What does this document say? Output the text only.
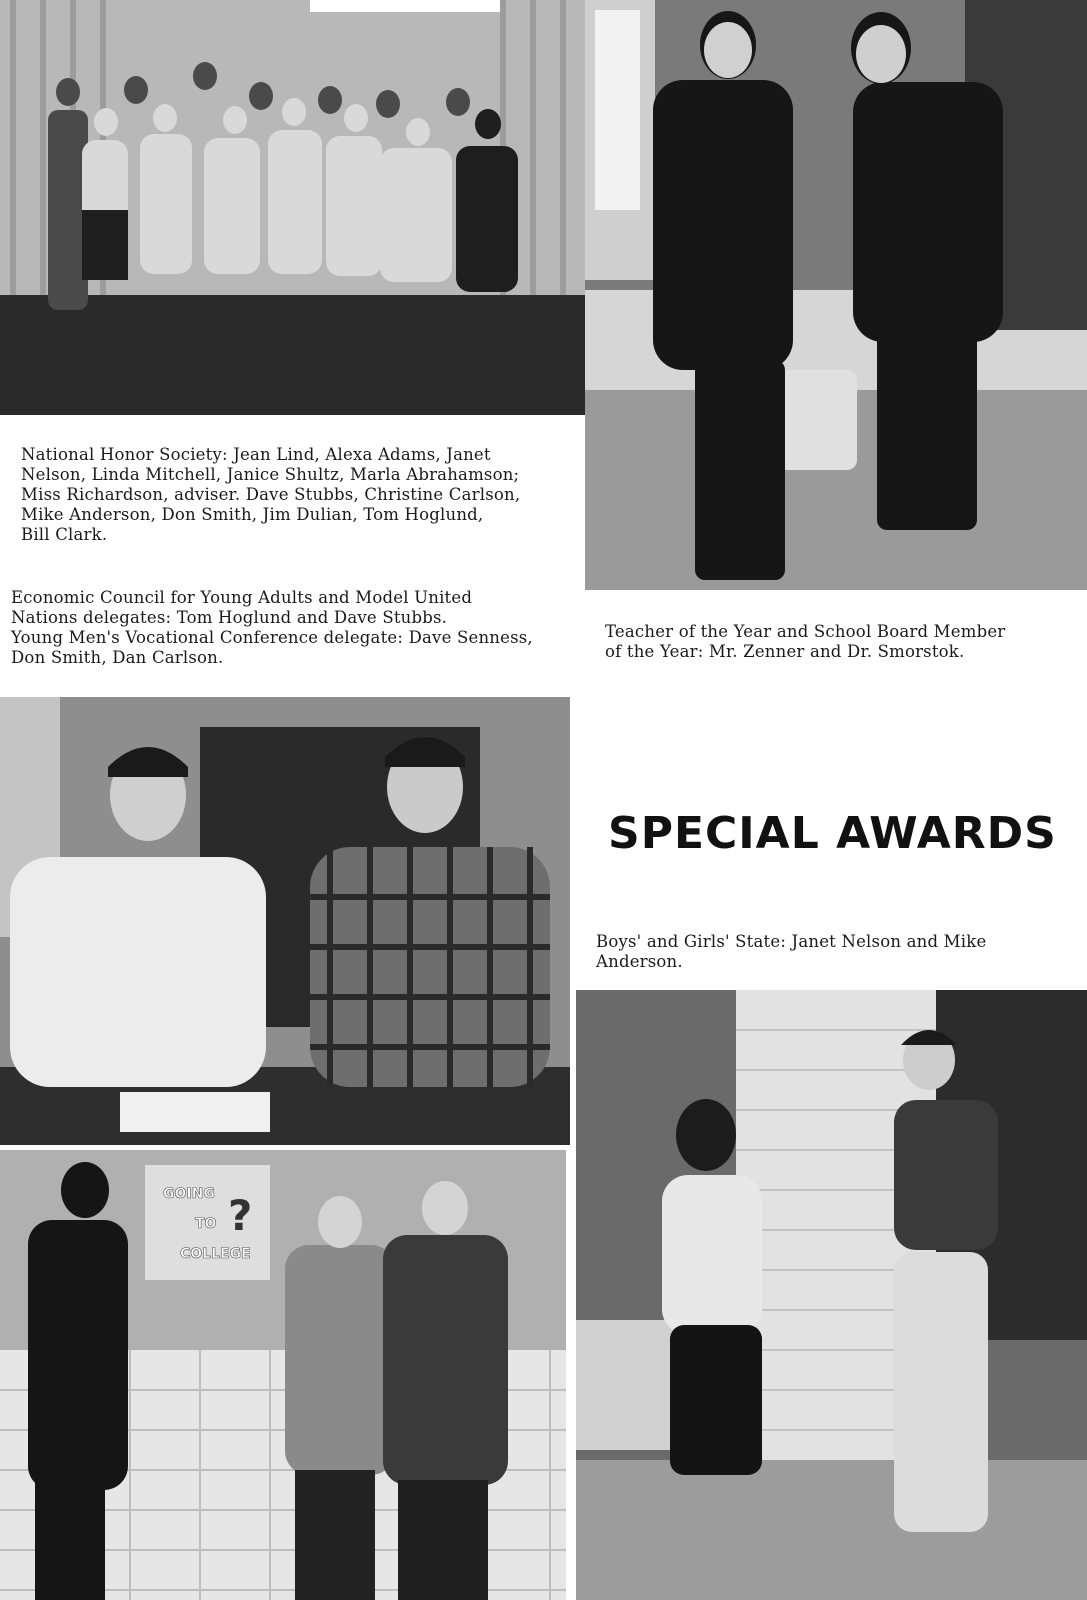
National Honor Society: Jean Lind, Alexa Adams, Janet
Nelson, Linda Mitchell, Janice Shultz, Marla Abrahamson;
Miss Richardson, adviser. Dave Stubbs, Christine Carlson,
Mike Anderson, Don Smith, Jim Dulian, Tom Hoglund,
Bill Clark.

Economic Council for Young Adults and Model United
Nations delegates: Tom Hoglund and Dave Stubbs.
Young Men's Vocational Conference delegate: Dave Senness,
Don Smith, Dan Carlson.

Teacher of the Year and School Board Member
of the Year: Mr. Zenner and Dr. Smorstok.

SPECIAL AWARDS

Boys' and Girls' State: Janet Nelson and Mike
Anderson.

GOING
TO
COLLEGE
?
